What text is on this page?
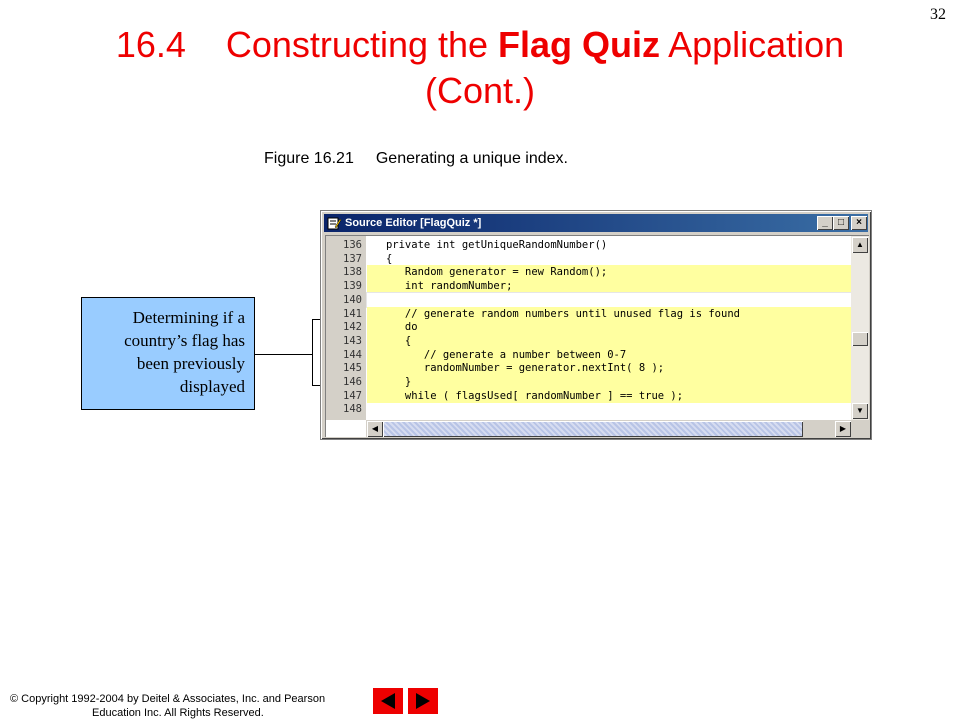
32
16.4 Constructing the Flag Quiz Application
(Cont.)
Figure 16.21 Generating a unique index.
Determining if a
country’s flag has
been previously
displayed
Source Editor [FlagQuiz *]	_	□	×
136 private int getUniqueRandomNumber()
137 {
138 Random generator = new Random();
139 int randomNumber;
140
141 // generate random numbers until unused flag is found
142 do
143 {
144 // generate a number between 0-7
145 randomNumber = generator.nextInt( 8 );
146 }
147 while ( flagsUsed[ randomNumber ] == true );
148
▲
▼
◀	▶
© Copyright 1992-2004 by Deitel & Associates, Inc. and Pearson
Education Inc. All Rights Reserved.
